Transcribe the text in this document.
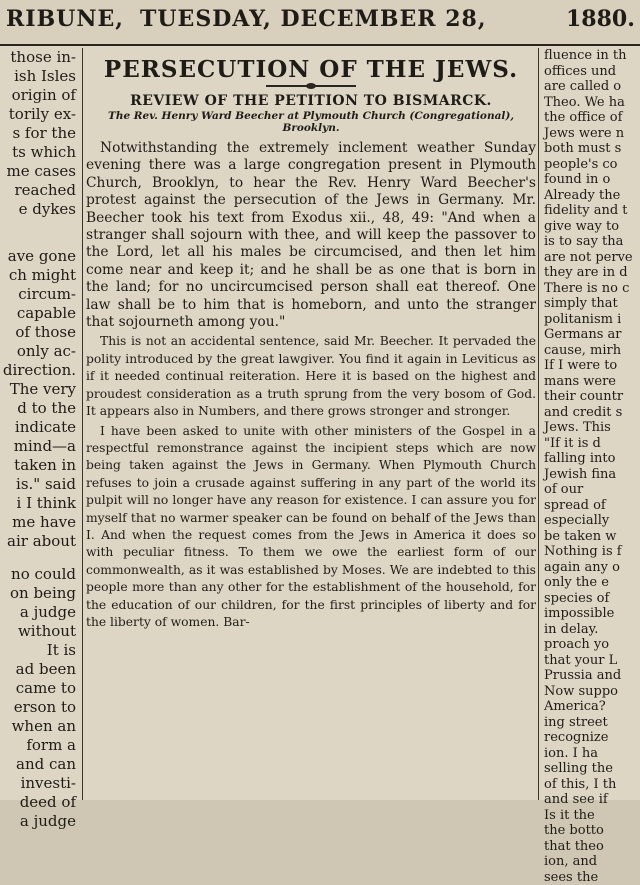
RIBUNE, TUESDAY, DECEMBER 28,	1880.

those in-

ish Isles

origin of

torily ex-

s for the

ts which

me cases

reached

e dykes

ave gone

ch might

circum-

capable

of those

only ac-

direction.

The very

d to the

indicate

mind—a

taken in

is." said

i I think

me have

air about

no could

on being

a judge

without

It is

ad been

came to

erson to

when an

form a

and can

investi-

deed of

a judge

PERSECUTION OF THE JEWS.
REVIEW OF THE PETITION TO BISMARCK.
The Rev. Henry Ward Beecher at Plymouth Church (Congregational), Brooklyn.

Notwithstanding the extremely inclement weather Sunday evening there was a large congregation present in Plymouth Church, Brooklyn, to hear the Rev. Henry Ward Beecher's protest against the persecution of the Jews in Germany. Mr. Beecher took his text from Exodus xii., 48, 49: "And when a stranger shall sojourn with thee, and will keep the passover to the Lord, let all his males be circumcised, and then let him come near and keep it; and he shall be as one that is born in the land; for no uncircumcised person shall eat thereof. One law shall be to him that is homeborn, and unto the stranger that sojourneth among you."

This is not an accidental sentence, said Mr. Beecher. It pervaded the polity introduced by the great lawgiver. You find it again in Leviticus as if it needed continual reiteration. Here it is based on the highest and proudest consideration as a truth sprung from the very bosom of God. It appears also in Numbers, and there grows stronger and stronger.

I have been asked to unite with other ministers of the Gospel in a respectful remonstrance against the incipient steps which are now being taken against the Jews in Germany. When Plymouth Church refuses to join a crusade against suffering in any part of the world its pulpit will no longer have any reason for existence. I can assure you for myself that no warmer speaker can be found on behalf of the Jews than I. And when the request comes from the Jews in America it does so with peculiar fitness. To them we owe the earliest form of our commonwealth, as it was established by Moses. We are indebted to this people more than any other for the establishment of the household, for the education of our children, for the first principles of liberty and for the liberty of women. Bar-

fluence in th

offices und

are called o

Theo. We ha

the office of

Jews were n

both must s

people's co

found in o

Already the

fidelity and t

give way to

is to say tha

are not perve

they are in d

There is no c

simply that

politanism i

Germans ar

cause, mirh

If I were to

mans were

their countr

and credit s

Jews. This

"If it is d

falling into

Jewish fina

of our

spread of

especially

be taken w

Nothing is f

again any o

only the e

species of

impossible

in delay.

proach yo

that your L

Prussia and

Now suppo

America?

ing street

recognize

ion. I ha

selling the

of this, I th

and see if

Is it the

the botto

that theo

ion, and

sees the
